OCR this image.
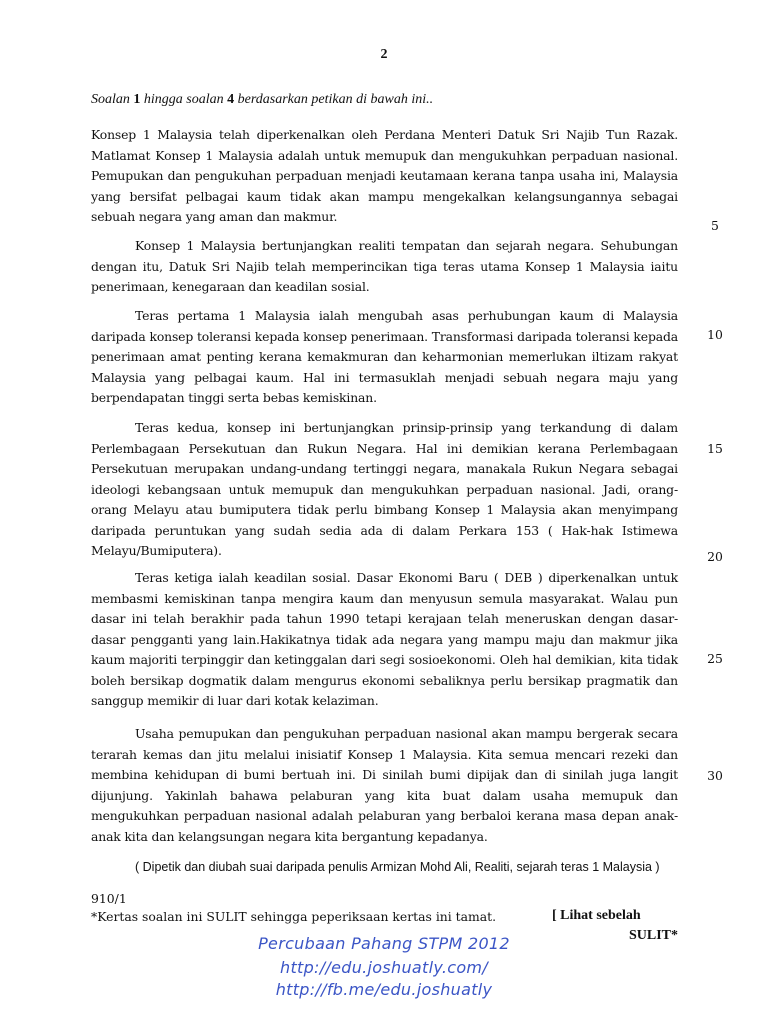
2
Soalan 1 hingga soalan 4 berdasarkan petikan di bawah ini..

Konsep 1 Malaysia telah diperkenalkan oleh Perdana Menteri Datuk Sri Najib Tun Razak. Matlamat Konsep 1 Malaysia adalah untuk memupuk dan mengukuhkan perpaduan nasional. Pemupukan dan pengukuhan perpaduan menjadi keutamaan kerana tanpa usaha ini, Malaysia yang bersifat pelbagai kaum tidak akan mampu mengekalkan kelangsungannya sebagai sebuah negara yang aman dan makmur.

Konsep 1 Malaysia bertunjangkan realiti tempatan dan sejarah negara. Sehubungan dengan itu, Datuk Sri Najib telah memperincikan tiga teras utama Konsep 1 Malaysia iaitu penerimaan, kenegaraan dan keadilan sosial.

Teras pertama 1 Malaysia ialah mengubah asas perhubungan kaum di Malaysia daripada konsep toleransi kepada konsep penerimaan. Transformasi daripada toleransi kepada penerimaan amat penting kerana kemakmuran dan keharmonian memerlukan iltizam rakyat Malaysia yang pelbagai kaum. Hal ini termasuklah menjadi sebuah negara maju yang berpendapatan tinggi serta bebas kemiskinan.

Teras kedua, konsep ini bertunjangkan prinsip-prinsip yang terkandung di dalam Perlembagaan Persekutuan dan Rukun Negara. Hal ini demikian kerana Perlembagaan Persekutuan merupakan undang-undang tertinggi negara, manakala Rukun Negara sebagai ideologi kebangsaan untuk memupuk dan mengukuhkan perpaduan nasional. Jadi, orang-orang Melayu atau bumiputera tidak perlu bimbang Konsep 1 Malaysia akan menyimpang daripada peruntukan yang sudah sedia ada di dalam Perkara 153 ( Hak-hak Istimewa Melayu/Bumiputera).

Teras ketiga ialah keadilan sosial. Dasar Ekonomi Baru ( DEB ) diperkenalkan untuk membasmi kemiskinan tanpa mengira kaum dan menyusun semula masyarakat. Walau pun dasar ini telah berakhir pada tahun 1990 tetapi kerajaan telah meneruskan dengan dasar-dasar pengganti yang lain.Hakikatnya tidak ada negara yang mampu maju dan makmur jika kaum majoriti terpinggir dan ketinggalan dari segi sosioekonomi. Oleh hal demikian, kita tidak boleh bersikap dogmatik dalam mengurus ekonomi sebaliknya perlu bersikap pragmatik dan sanggup memikir di luar dari kotak kelaziman.

Usaha pemupukan dan pengukuhan perpaduan nasional akan mampu bergerak secara terarah kemas dan jitu melalui inisiatif Konsep 1 Malaysia. Kita semua mencari rezeki dan membina kehidupan di bumi bertuah ini. Di sinilah bumi dipijak dan di sinilah juga langit dijunjung. Yakinlah bahawa pelaburan yang kita buat dalam usaha memupuk dan mengukuhkan perpaduan nasional adalah pelaburan yang berbaloi kerana masa depan anak-anak kita dan kelangsungan negara kita bergantung kepadanya.

5
10
15
20
25
30
( Dipetik dan diubah suai daripada penulis Armizan Mohd Ali, Realiti, sejarah teras 1 Malaysia )
910/1
*Kertas soalan ini SULIT sehingga peperiksaan kertas ini tamat.	[ Lihat sebelah
SULIT*
Percubaan Pahang STPM 2012
http://edu.joshuatly.com/
http://fb.me/edu.joshuatly
